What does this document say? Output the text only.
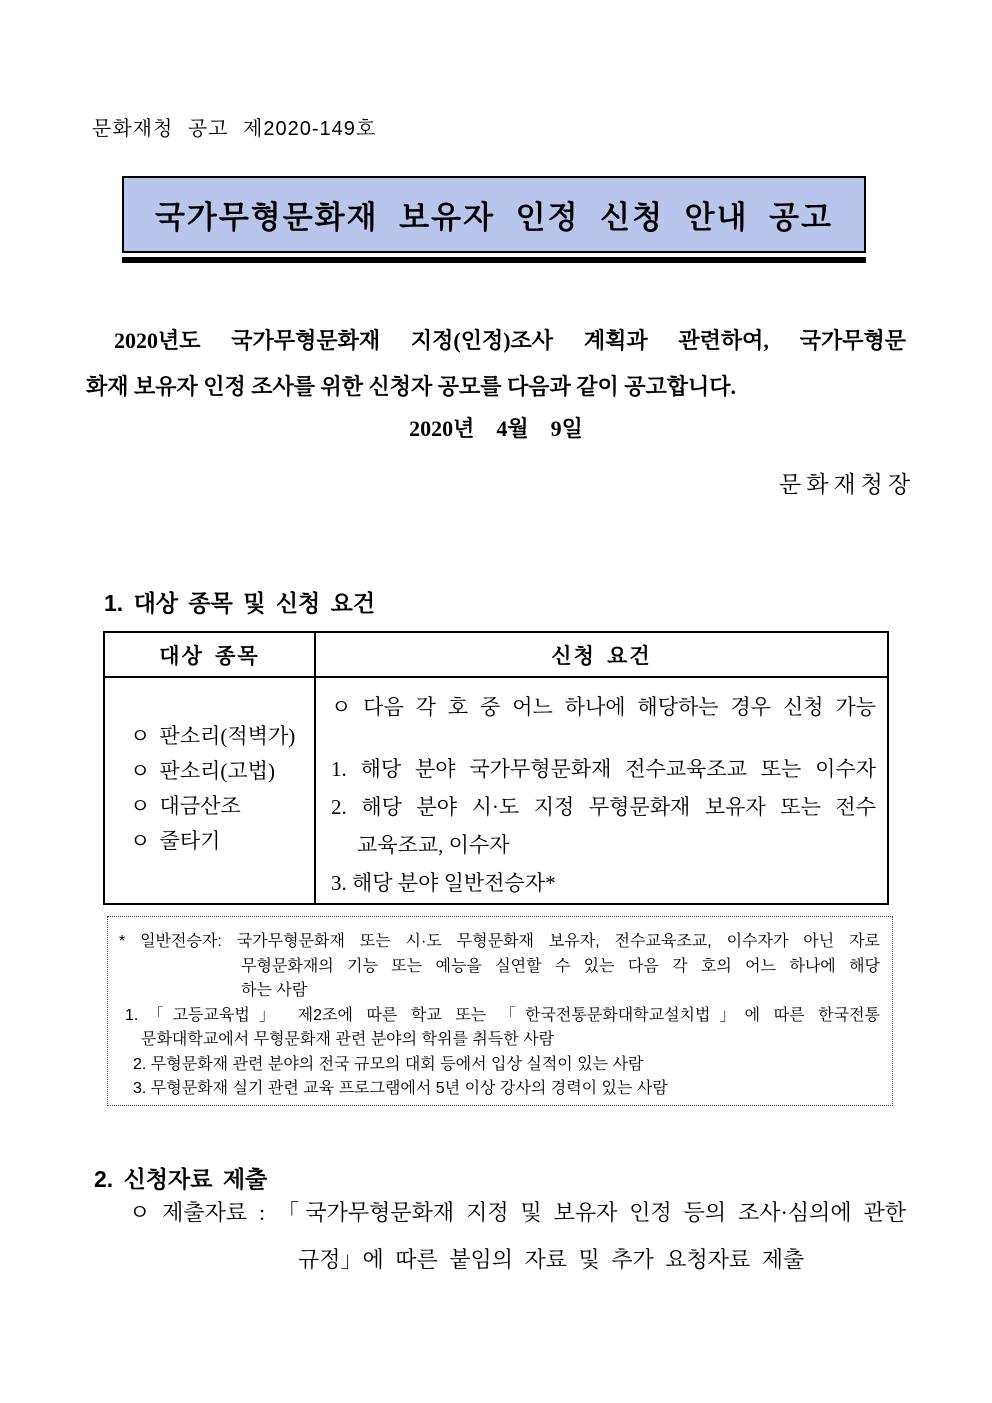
문화재청 공고 제2020-149호
국가무형문화재 보유자 인정 신청 안내 공고
2020년도 국가무형문화재 지정(인정)조사 계획과 관련하여, 국가무형문
화재 보유자 인정 조사를 위한 신청자 공모를 다음과 같이 공고합니다.
2020년    4월    9일
문화재청장
1. 대상 종목 및 신청 요건
대상 종목	신청 요건

ㅇ 판소리(적벽가)
ㅇ 판소리(고법)
ㅇ 대금산조
ㅇ 줄타기

ㅇ 다음 각 호 중 어느 하나에 해당하는 경우 신청 가능
1. 해당 분야 국가무형문화재 전수교육조교 또는 이수자
2. 해당 분야 시·도 지정 무형문화재 보유자 또는 전수
교육조교, 이수자
3. 해당 분야 일반전승자*
* 일반전승자: 국가무형문화재 또는 시·도 무형문화재 보유자, 전수교육조교, 이수자가 아닌 자로
무형문화재의 기능 또는 예능을 실연할 수 있는 다음 각 호의 어느 하나에 해당
하는 사람
1.「고등교육법」 제2조에 따른 학교 또는 「한국전통문화대학교설치법」에 따른 한국전통
문화대학교에서 무형문화재 관련 분야의 학위를 취득한 사람
2. 무형문화재 관련 분야의 전국 규모의 대회 등에서 입상 실적이 있는 사람
3. 무형문화재 실기 관련 교육 프로그램에서 5년 이상 강사의 경력이 있는 사람
2. 신청자료 제출
ㅇ 제출자료 : 「국가무형문화재 지정 및 보유자 인정 등의 조사·심의에 관한
규정」에 따른 붙임의 자료 및 추가 요청자료 제출
